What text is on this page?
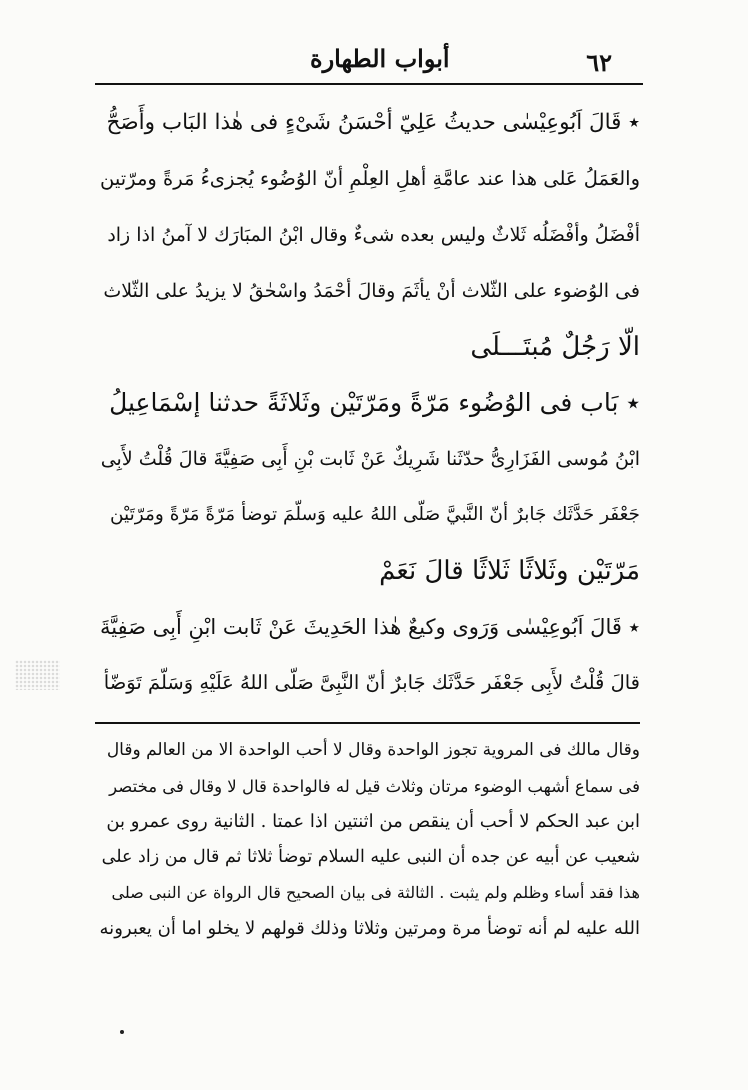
٦٢
أبواب الطهارة
٭ قَالَ اَبُوعِيْسٰى حديثُ عَلِيّ أحْسَنُ شَىْءٍ فى هٰذا البَاب وأَصَحُّ
والعَمَلُ عَلى هذا عند عامَّةِ أهلِ العِلْمِ أنّ الوُضُوء يُجزىءُ مَرةً ومرّتين
أفْضَلُ وأفْضَلُه ثَلاثٌ وليس بعده شىءٌ وقال ابْنُ المبَارَك لا آمنُ اذا زاد
فى الوُضوء على الثّلاث أنْ يأثَمَ وقالَ أحْمَدُ واسْحٰقُ لا يزيدُ على الثّلاث
الّا رَجُلٌ مُبتَـــلَى
٭ بَاب فى الوُضُوء مَرّةً ومَرّتَيْن وثَلاثَةً حدثنا إسْمَاعِيلُ
ابْنُ مُوسى الفَزَارِىُّ حدّثَنا شَرِيكٌ عَنْ ثَابت بْنِ أَبِى صَفِيَّةَ قالَ قُلْتُ لأَبِى
جَعْفَر حَدَّثَك جَابرٌ أنّ النَّبيَّ صَلّى اللهُ عليه وَسلّمَ توضأ مَرّةً مَرّةً ومَرّتَيْن
مَرّتَيْن وثَلاثًا ثَلاثًا قالَ نَعَمْ
٭ قَالَ اَبُوعِيْسٰى وَرَوى وكيعٌ هٰذا الحَدِيثَ عَنْ ثَابت ابْنِ أَبِى صَفِيَّةَ
قالَ قُلْتُ لأَبِى جَعْفَر حَدَّثَك جَابرٌ أنّ النَّبِىَّ صَلّى اللهُ عَلَيْهِ وَسَلّمَ تَوَضّأ
وقال مالك فى المروية تجوز الواحدة وقال لا أحب الواحدة الا من العالم وقال
فى سماع أشهب الوضوء مرتان وثلاث قيل له فالواحدة قال لا وقال فى مختصر
ابن عبد الحكم لا أحب أن ينقص من اثنتين اذا عمتا . الثانية روى عمرو بن
شعيب عن أبيه عن جده أن النبى عليه السلام توضأ ثلاثا ثم قال من زاد على
هذا فقد أساء وظلم ولم يثبت . الثالثة فى بيان الصحيح قال الرواة عن النبى صلى
الله عليه لم أنه توضأ مرة ومرتين وثلاثا وذلك قولهم لا يخلو اما أن يعبرونه
